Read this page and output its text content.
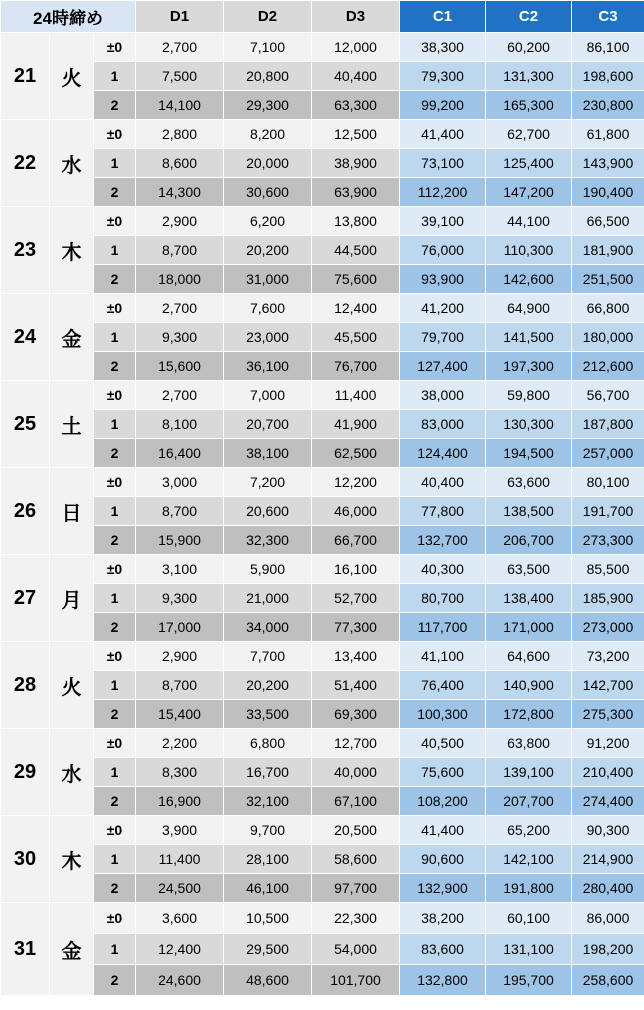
24時締め			D1	D2	D3	C1	C2	C3
21	火	±0	2,700	7,100	12,000	38,300	60,200	86,100
		1	7,500	20,800	40,400	79,300	131,300	198,600
		2	14,100	29,300	63,300	99,200	165,300	230,800
22	水	±0	2,800	8,200	12,500	41,400	62,700	61,800
		1	8,600	20,000	38,900	73,100	125,400	143,900
		2	14,300	30,600	63,900	112,200	147,200	190,400
23	木	±0	2,900	6,200	13,800	39,100	44,100	66,500
		1	8,700	20,200	44,500	76,000	110,300	181,900
		2	18,000	31,000	75,600	93,900	142,600	251,500
24	金	±0	2,700	7,600	12,400	41,200	64,900	66,800
		1	9,300	23,000	45,500	79,700	141,500	180,000
		2	15,600	36,100	76,700	127,400	197,300	212,600
25	土	±0	2,700	7,000	11,400	38,000	59,800	56,700
		1	8,100	20,700	41,900	83,000	130,300	187,800
		2	16,400	38,100	62,500	124,400	194,500	257,000
26	日	±0	3,000	7,200	12,200	40,400	63,600	80,100
		1	8,700	20,600	46,000	77,800	138,500	191,700
		2	15,900	32,300	66,700	132,700	206,700	273,300
27	月	±0	3,100	5,900	16,100	40,300	63,500	85,500
		1	9,300	21,000	52,700	80,700	138,400	185,900
		2	17,000	34,000	77,300	117,700	171,000	273,000
28	火	±0	2,900	7,700	13,400	41,100	64,600	73,200
		1	8,700	20,200	51,400	76,400	140,900	142,700
		2	15,400	33,500	69,300	100,300	172,800	275,300
29	水	±0	2,200	6,800	12,700	40,500	63,800	91,200
		1	8,300	16,700	40,000	75,600	139,100	210,400
		2	16,900	32,100	67,100	108,200	207,700	274,400
30	木	±0	3,900	9,700	20,500	41,400	65,200	90,300
		1	11,400	28,100	58,600	90,600	142,100	214,900
		2	24,500	46,100	97,700	132,900	191,800	280,400
31	金	±0	3,600	10,500	22,300	38,200	60,100	86,000
		1	12,400	29,500	54,000	83,600	131,100	198,200
		2	24,600	48,600	101,700	132,800	195,700	258,600
